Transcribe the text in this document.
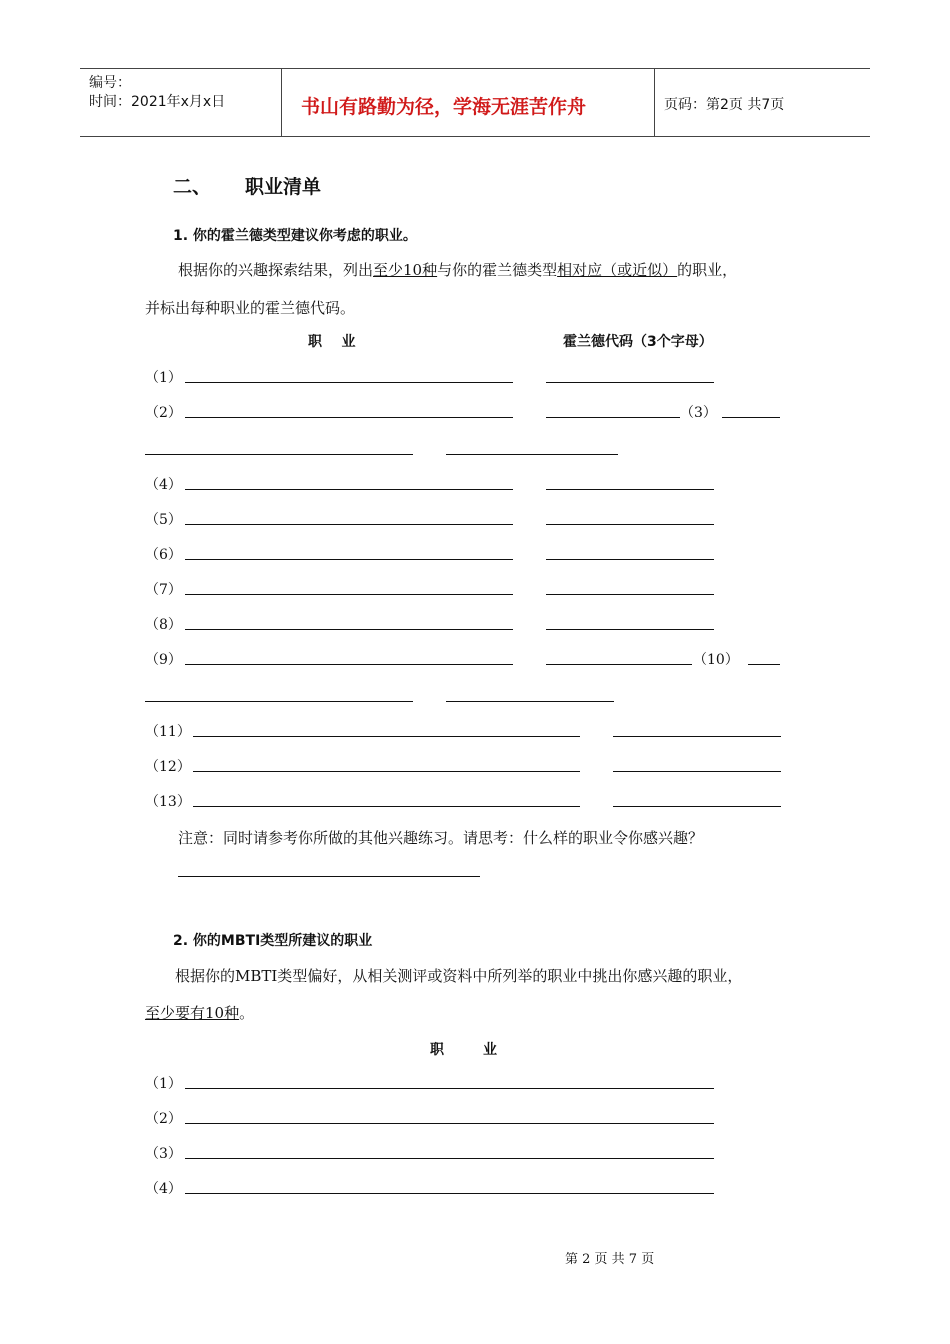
编号：
时间：2021年x月x日	书山有路勤为径，学海无涯苦作舟	页码：第2页 共7页
二、 职业清单
1. 你的霍兰德类型建议你考虑的职业。
根据你的兴趣探索结果，列出至少10种与你的霍兰德类型相对应（或近似）的职业，
并标出每种职业的霍兰德代码。
职    业	霍兰德代码（3个字母）
（1）
（2）	（3）
（4）
（5）
（6）
（7）
（8）
（9）	（10）
（11）
（12）
（13）
注意：同时请参考你所做的其他兴趣练习。请思考：什么样的职业令你感兴趣？
2. 你的MBTI类型所建议的职业
根据你的MBTI类型偏好，从相关测评或资料中所列举的职业中挑出你感兴趣的职业，
至少要有10种。
职        业
（1）
（2）
（3）
（4）
第 2 页 共 7 页
